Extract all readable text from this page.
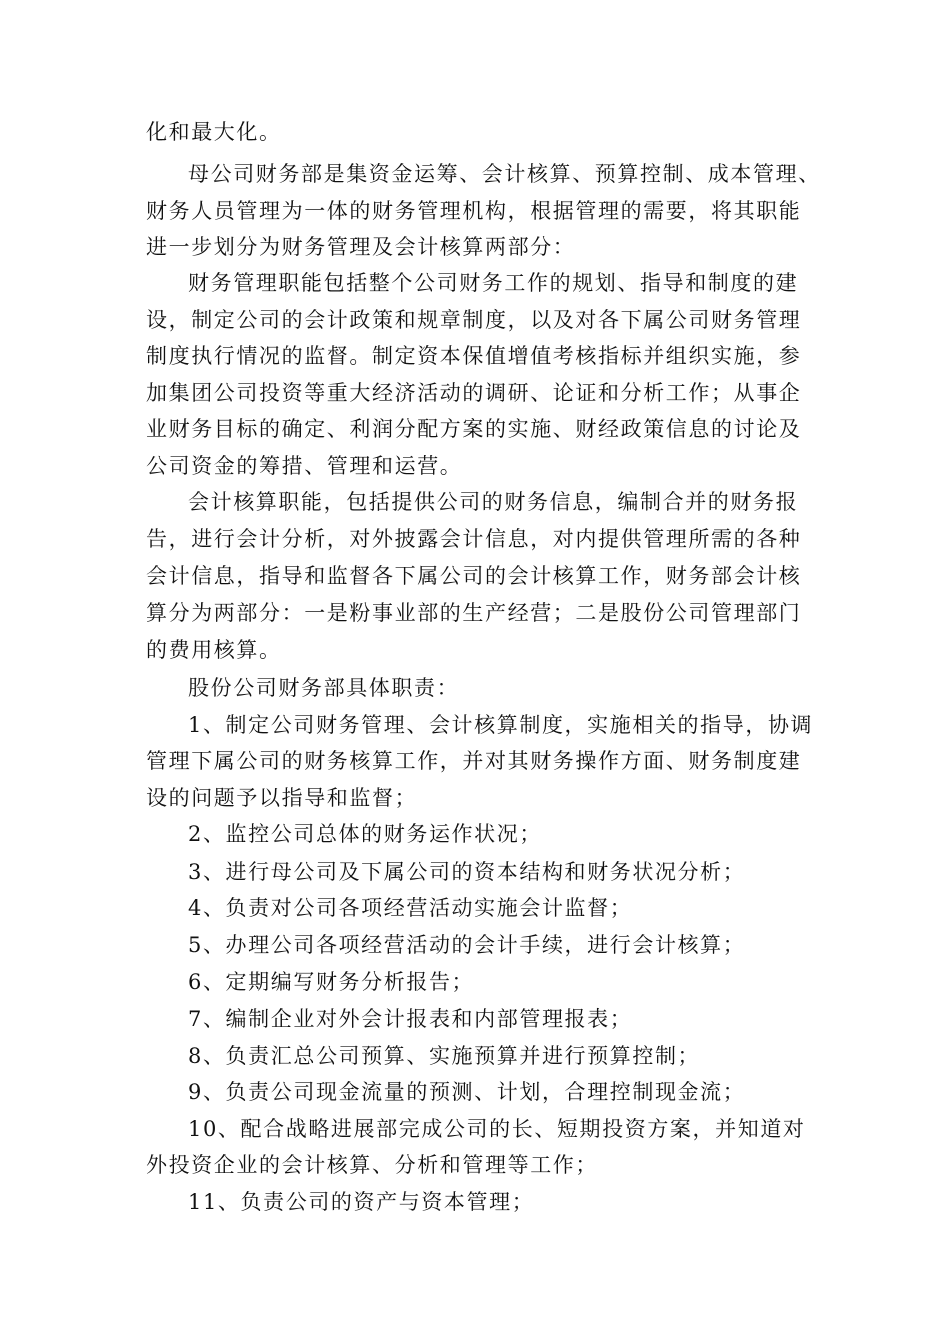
化和最大化。
母公司财务部是集资金运筹、会计核算、预算控制、成本管理、
财务人员管理为一体的财务管理机构，根据管理的需要，将其职能
进一步划分为财务管理及会计核算两部分：
财务管理职能包括整个公司财务工作的规划、指导和制度的建
设，制定公司的会计政策和规章制度，以及对各下属公司财务管理
制度执行情况的监督。制定资本保值增值考核指标并组织实施，参
加集团公司投资等重大经济活动的调研、论证和分析工作；从事企
业财务目标的确定、利润分配方案的实施、财经政策信息的讨论及
公司资金的筹措、管理和运营。
会计核算职能，包括提供公司的财务信息，编制合并的财务报
告，进行会计分析，对外披露会计信息，对内提供管理所需的各种
会计信息，指导和监督各下属公司的会计核算工作，财务部会计核
算分为两部分：一是粉事业部的生产经营；二是股份公司管理部门
的费用核算。
股份公司财务部具体职责：
1、制定公司财务管理、会计核算制度，实施相关的指导，协调
管理下属公司的财务核算工作，并对其财务操作方面、财务制度建
设的问题予以指导和监督；
2、监控公司总体的财务运作状况；
3、进行母公司及下属公司的资本结构和财务状况分析；
4、负责对公司各项经营活动实施会计监督；
5、办理公司各项经营活动的会计手续，进行会计核算；
6、定期编写财务分析报告；
7、编制企业对外会计报表和内部管理报表；
8、负责汇总公司预算、实施预算并进行预算控制；
9、负责公司现金流量的预测、计划，合理控制现金流；
10、配合战略进展部完成公司的长、短期投资方案，并知道对
外投资企业的会计核算、分析和管理等工作；
11、负责公司的资产与资本管理；
